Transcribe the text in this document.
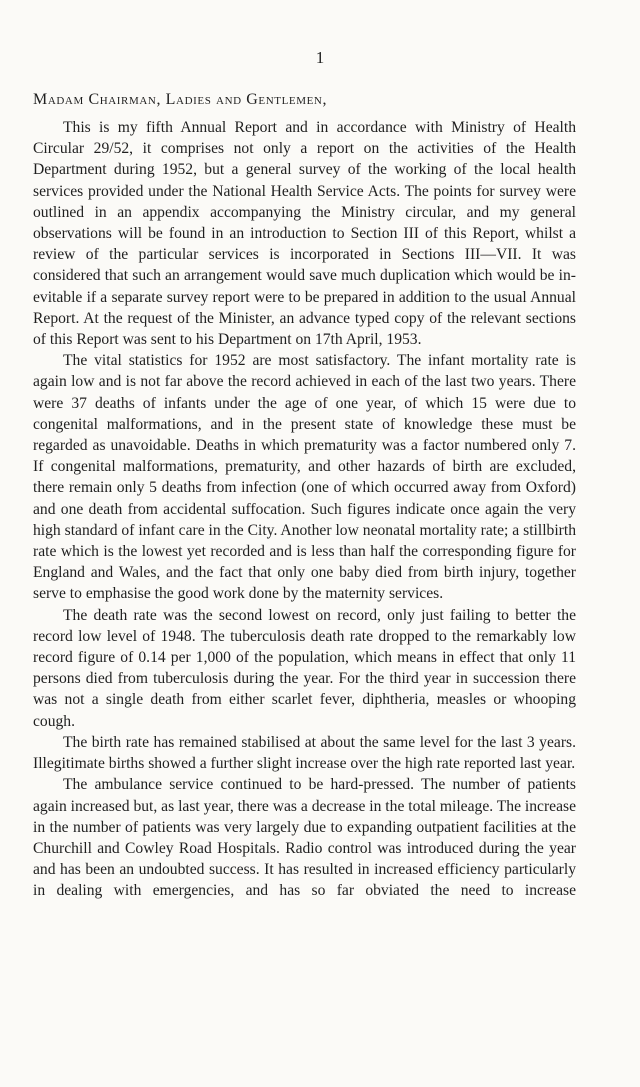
1
Madam Chairman, Ladies and Gentlemen,

This is my fifth Annual Report and in accordance with Ministry of Health Circular 29/52, it comprises not only a report on the activities of the Health Department during 1952, but a general survey of the working of the local health services provided under the National Health Service Acts. The points for survey were outlined in an appendix accompanying the Ministry circular, and my general observations will be found in an introduction to Section III of this Report, whilst a review of the particular services is incorporated in Sections III—VII. It was considered that such an arrangement would save much duplication which would be inevitable if a separate survey report were to be prepared in addition to the usual Annual Report. At the request of the Minister, an advance typed copy of the relevant sections of this Report was sent to his Department on 17th April, 1953.

The vital statistics for 1952 are most satisfactory. The infant mortality rate is again low and is not far above the record achieved in each of the last two years. There were 37 deaths of infants under the age of one year, of which 15 were due to congenital malformations, and in the present state of knowledge these must be regarded as unavoidable. Deaths in which prematurity was a factor numbered only 7. If congenital malformations, prematurity, and other hazards of birth are excluded, there remain only 5 deaths from infection (one of which occurred away from Oxford) and one death from accidental suffocation. Such figures indicate once again the very high standard of infant care in the City. Another low neonatal mortality rate; a stillbirth rate which is the lowest yet recorded and is less than half the corresponding figure for England and Wales, and the fact that only one baby died from birth injury, together serve to emphasise the good work done by the maternity services.

The death rate was the second lowest on record, only just failing to better the record low level of 1948. The tuberculosis death rate dropped to the remarkably low record figure of 0.14 per 1,000 of the population, which means in effect that only 11 persons died from tuberculosis during the year. For the third year in succession there was not a single death from either scarlet fever, diphtheria, measles or whooping cough.

The birth rate has remained stabilised at about the same level for the last 3 years. Illegitimate births showed a further slight increase over the high rate reported last year.

The ambulance service continued to be hard-pressed. The number of patients again increased but, as last year, there was a decrease in the total mileage. The increase in the number of patients was very largely due to expanding outpatient facilities at the Churchill and Cowley Road Hospitals. Radio control was introduced during the year and has been an undoubted success. It has resulted in increased efficiency particularly in dealing with emergencies, and has so far obviated the need to increase
